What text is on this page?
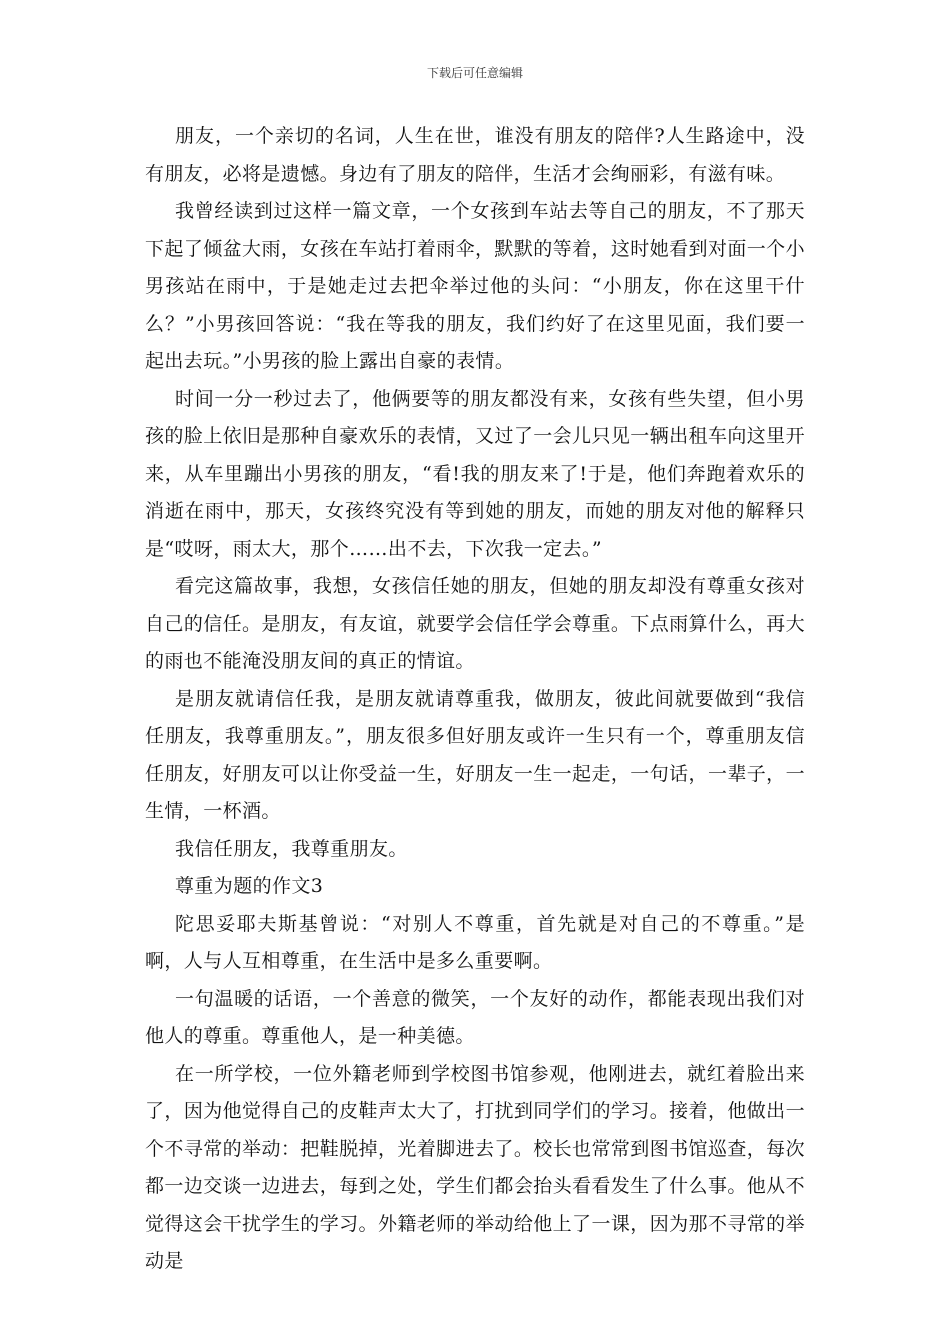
下载后可任意编辑

朋友，一个亲切的名词，人生在世，谁没有朋友的陪伴?人生路途中，没有朋友，必将是遗憾。身边有了朋友的陪伴，生活才会绚丽彩，有滋有味。

我曾经读到过这样一篇文章，一个女孩到车站去等自己的朋友，不了那天下起了倾盆大雨，女孩在车站打着雨伞，默默的等着，这时她看到对面一个小男孩站在雨中，于是她走过去把伞举过他的头问：“小朋友，你在这里干什么？”小男孩回答说：“我在等我的朋友，我们约好了在这里见面，我们要一起出去玩。”小男孩的脸上露出自豪的表情。

时间一分一秒过去了，他俩要等的朋友都没有来，女孩有些失望，但小男孩的脸上依旧是那种自豪欢乐的表情，又过了一会儿只见一辆出租车向这里开来，从车里蹦出小男孩的朋友，“看!我的朋友来了!于是，他们奔跑着欢乐的消逝在雨中，那天，女孩终究没有等到她的朋友，而她的朋友对他的解释只是“哎呀，雨太大，那个……出不去，下次我一定去。”

看完这篇故事，我想，女孩信任她的朋友，但她的朋友却没有尊重女孩对自己的信任。是朋友，有友谊，就要学会信任学会尊重。下点雨算什么，再大的雨也不能淹没朋友间的真正的情谊。

是朋友就请信任我，是朋友就请尊重我，做朋友，彼此间就要做到“我信任朋友，我尊重朋友。”，朋友很多但好朋友或许一生只有一个，尊重朋友信任朋友，好朋友可以让你受益一生，好朋友一生一起走，一句话，一辈子，一生情，一杯酒。

我信任朋友，我尊重朋友。

尊重为题的作文3

陀思妥耶夫斯基曾说：“对别人不尊重，首先就是对自己的不尊重。”是啊，人与人互相尊重，在生活中是多么重要啊。

一句温暖的话语，一个善意的微笑，一个友好的动作，都能表现出我们对他人的尊重。尊重他人，是一种美德。

在一所学校，一位外籍老师到学校图书馆参观，他刚进去，就红着脸出来了，因为他觉得自己的皮鞋声太大了，打扰到同学们的学习。接着，他做出一个不寻常的举动：把鞋脱掉，光着脚进去了。校长也常常到图书馆巡查，每次都一边交谈一边进去，每到之处，学生们都会抬头看看发生了什么事。他从不觉得这会干扰学生的学习。外籍老师的举动给他上了一课，因为那不寻常的举动是
